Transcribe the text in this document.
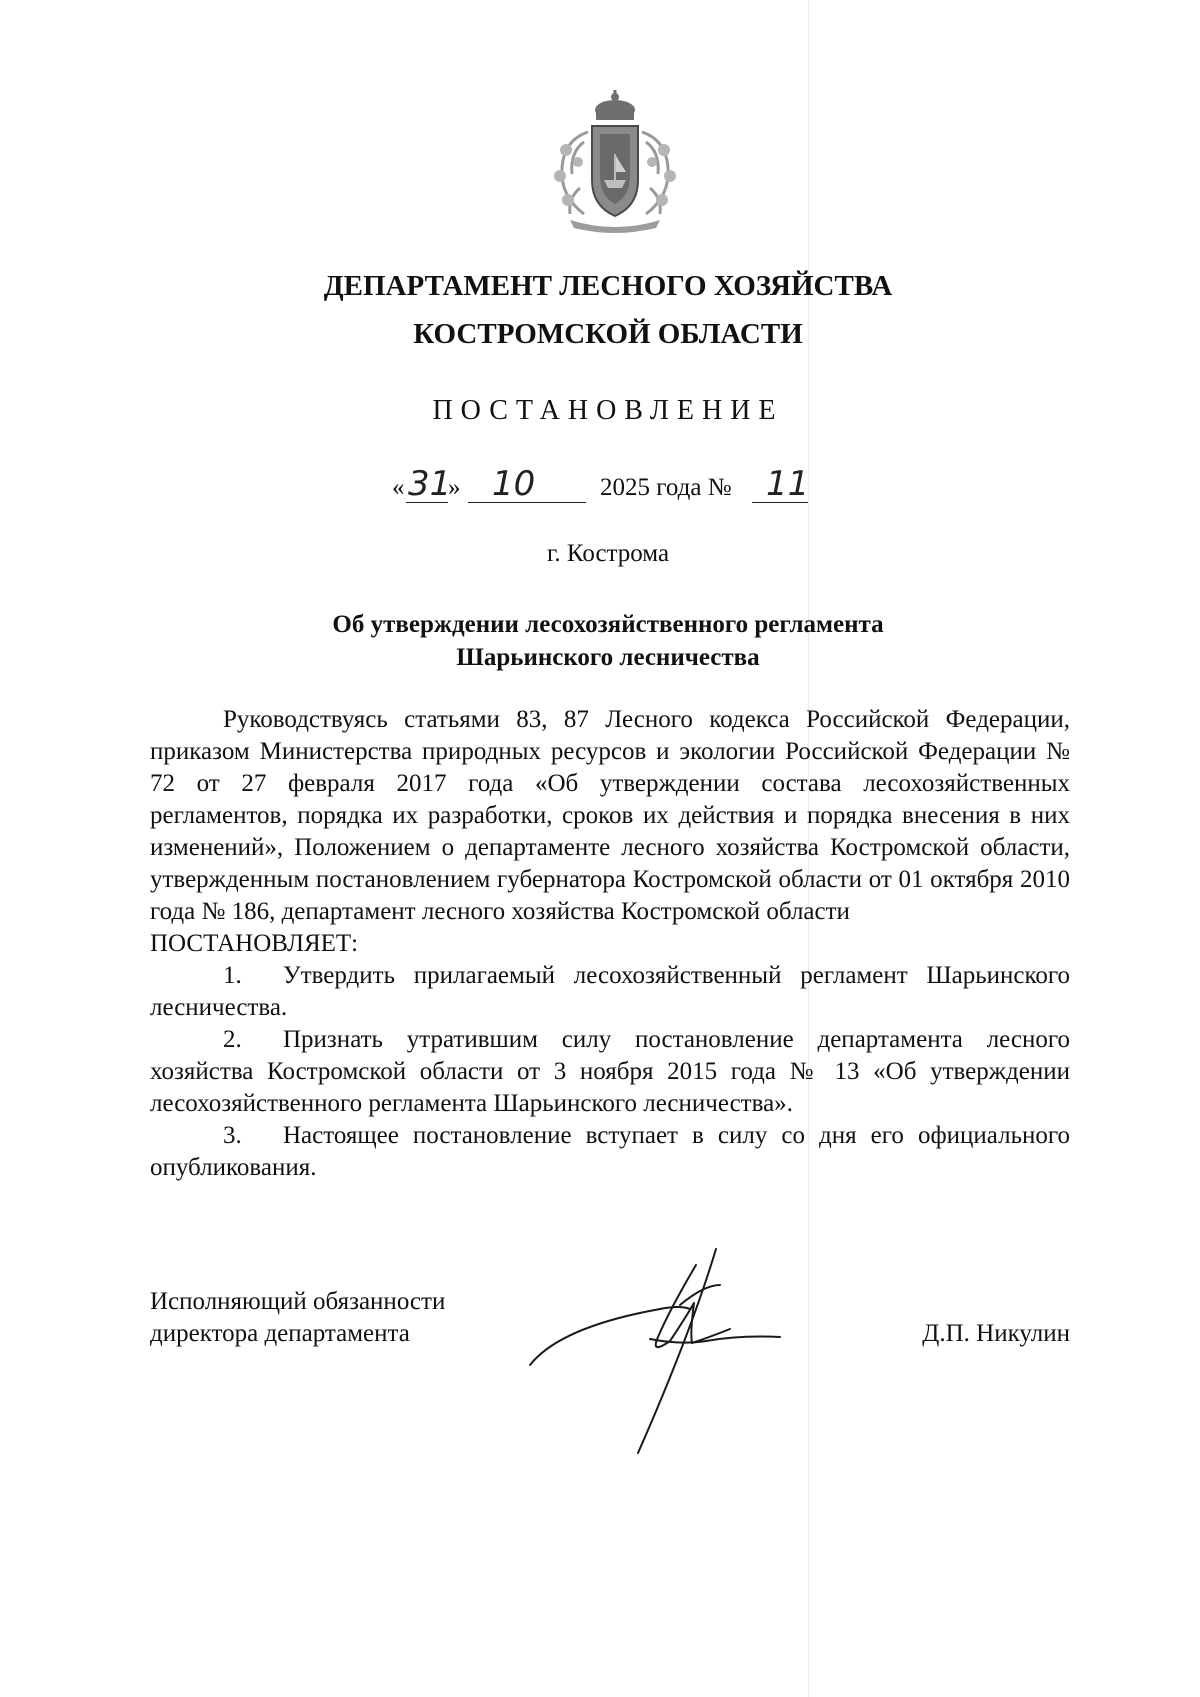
ДЕПАРТАМЕНТ ЛЕСНОГО ХОЗЯЙСТВА
КОСТРОМСКОЙ ОБЛАСТИ
ПОСТАНОВЛЕНИЕ
« 31
» 10	2025 года № 11
г. Кострома
Об утверждении лесохозяйственного регламента
Шарьинского лесничества

Руководствуясь статьями 83, 87 Лесного кодекса Российской Федерации, приказом Министерства природных ресурсов и экологии Российской Федерации № 72 от 27 февраля 2017 года «Об утверждении состава лесохозяйственных регламентов, порядка их разработки, сроков их действия и порядка внесения в них изменений», Положением о департаменте лесного хозяйства Костромской области, утвержденным постановлением губернатора Костромской области от 01 октября 2010 года № 186, департамент лесного хозяйства Костромской области

ПОСТАНОВЛЯЕТ:

1. Утвердить прилагаемый лесохозяйственный регламент Шарьинского лесничества.

2. Признать утратившим силу постановление департамента лесного хозяйства Костромской области от 3 ноября 2015 года № 13 «Об утверждении лесохозяйственного регламента Шарьинского лесничества».

3. Настоящее постановление вступает в силу со дня его официального опубликования.

Исполняющий обязанности
директора департамента	Д.П. Никулин
